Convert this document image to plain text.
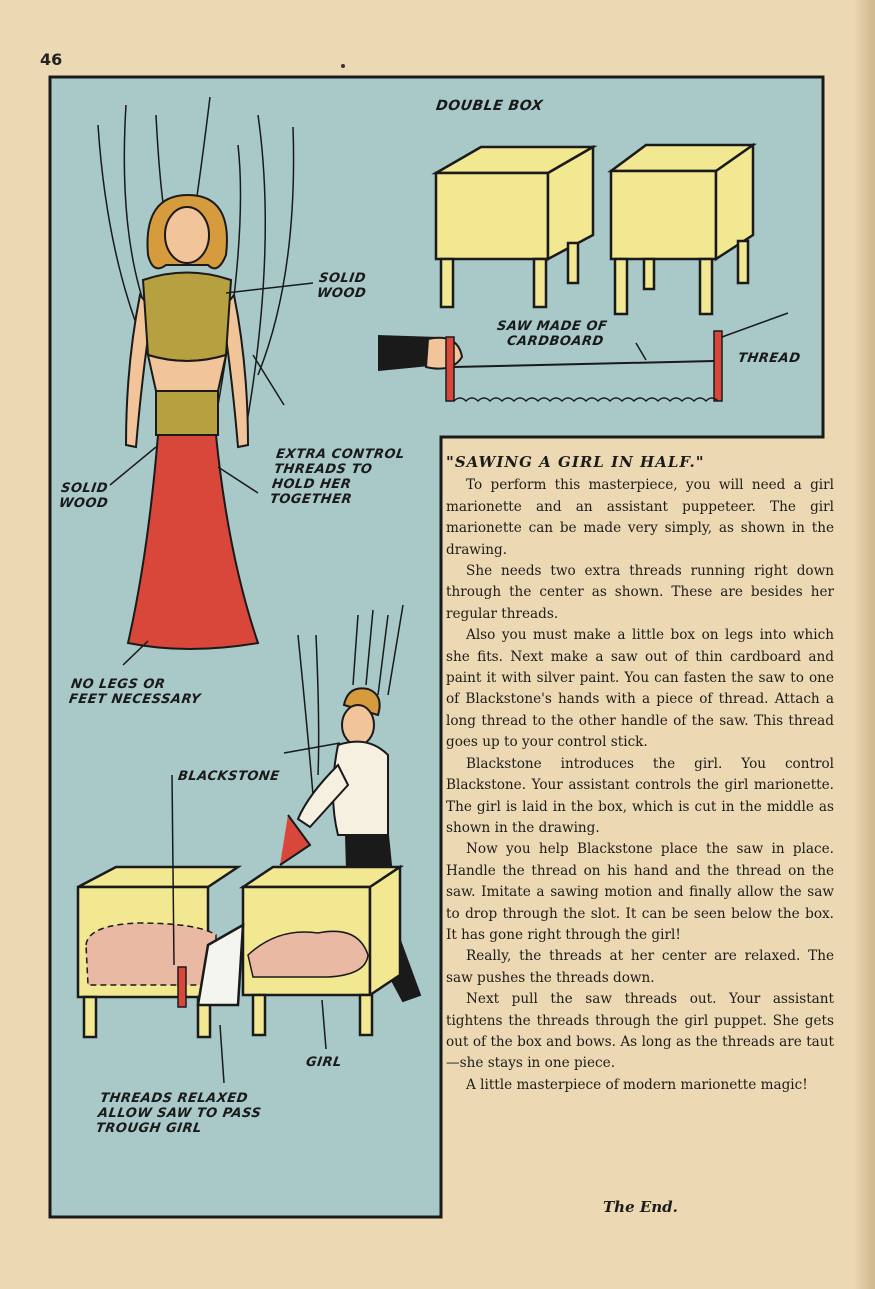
46
DOUBLE BOX
SOLID
WOOD
SAW MADE OF
CARDBOARD
THREAD
EXTRA CONTROL
THREADS TO
HOLD HER
TOGETHER
SOLID
WOOD
NO LEGS OR
FEET NECESSARY
BLACKSTONE
GIRL
THREADS RELAXED
ALLOW SAW TO PASS
TROUGH GIRL
"SAWING A GIRL IN HALF."

To perform this masterpiece, you will need a girl marionette and an assistant puppeteer. The girl marionette can be made very simply, as shown in the drawing.

She needs two extra threads running right down through the center as shown. These are besides her regular threads.

Also you must make a little box on legs into which she fits. Next make a saw out of thin cardboard and paint it with silver paint. You can fasten the saw to one of Blackstone's hands with a piece of thread. Attach a long thread to the other handle of the saw. This thread goes up to your control stick.

Blackstone introduces the girl. You control Blackstone. Your assistant controls the girl marionette. The girl is laid in the box, which is cut in the middle as shown in the drawing.

Now you help Blackstone place the saw in place. Handle the thread on his hand and the thread on the saw. Imitate a sawing motion and finally allow the saw to drop through the slot. It can be seen below the box. It has gone right through the girl!

Really, the threads at her center are relaxed. The saw pushes the threads down.

Next pull the saw threads out. Your assistant tightens the threads through the girl puppet. She gets out of the box and bows. As long as the threads are taut—she stays in one piece.

A little masterpiece of modern marionette magic!

The End.
